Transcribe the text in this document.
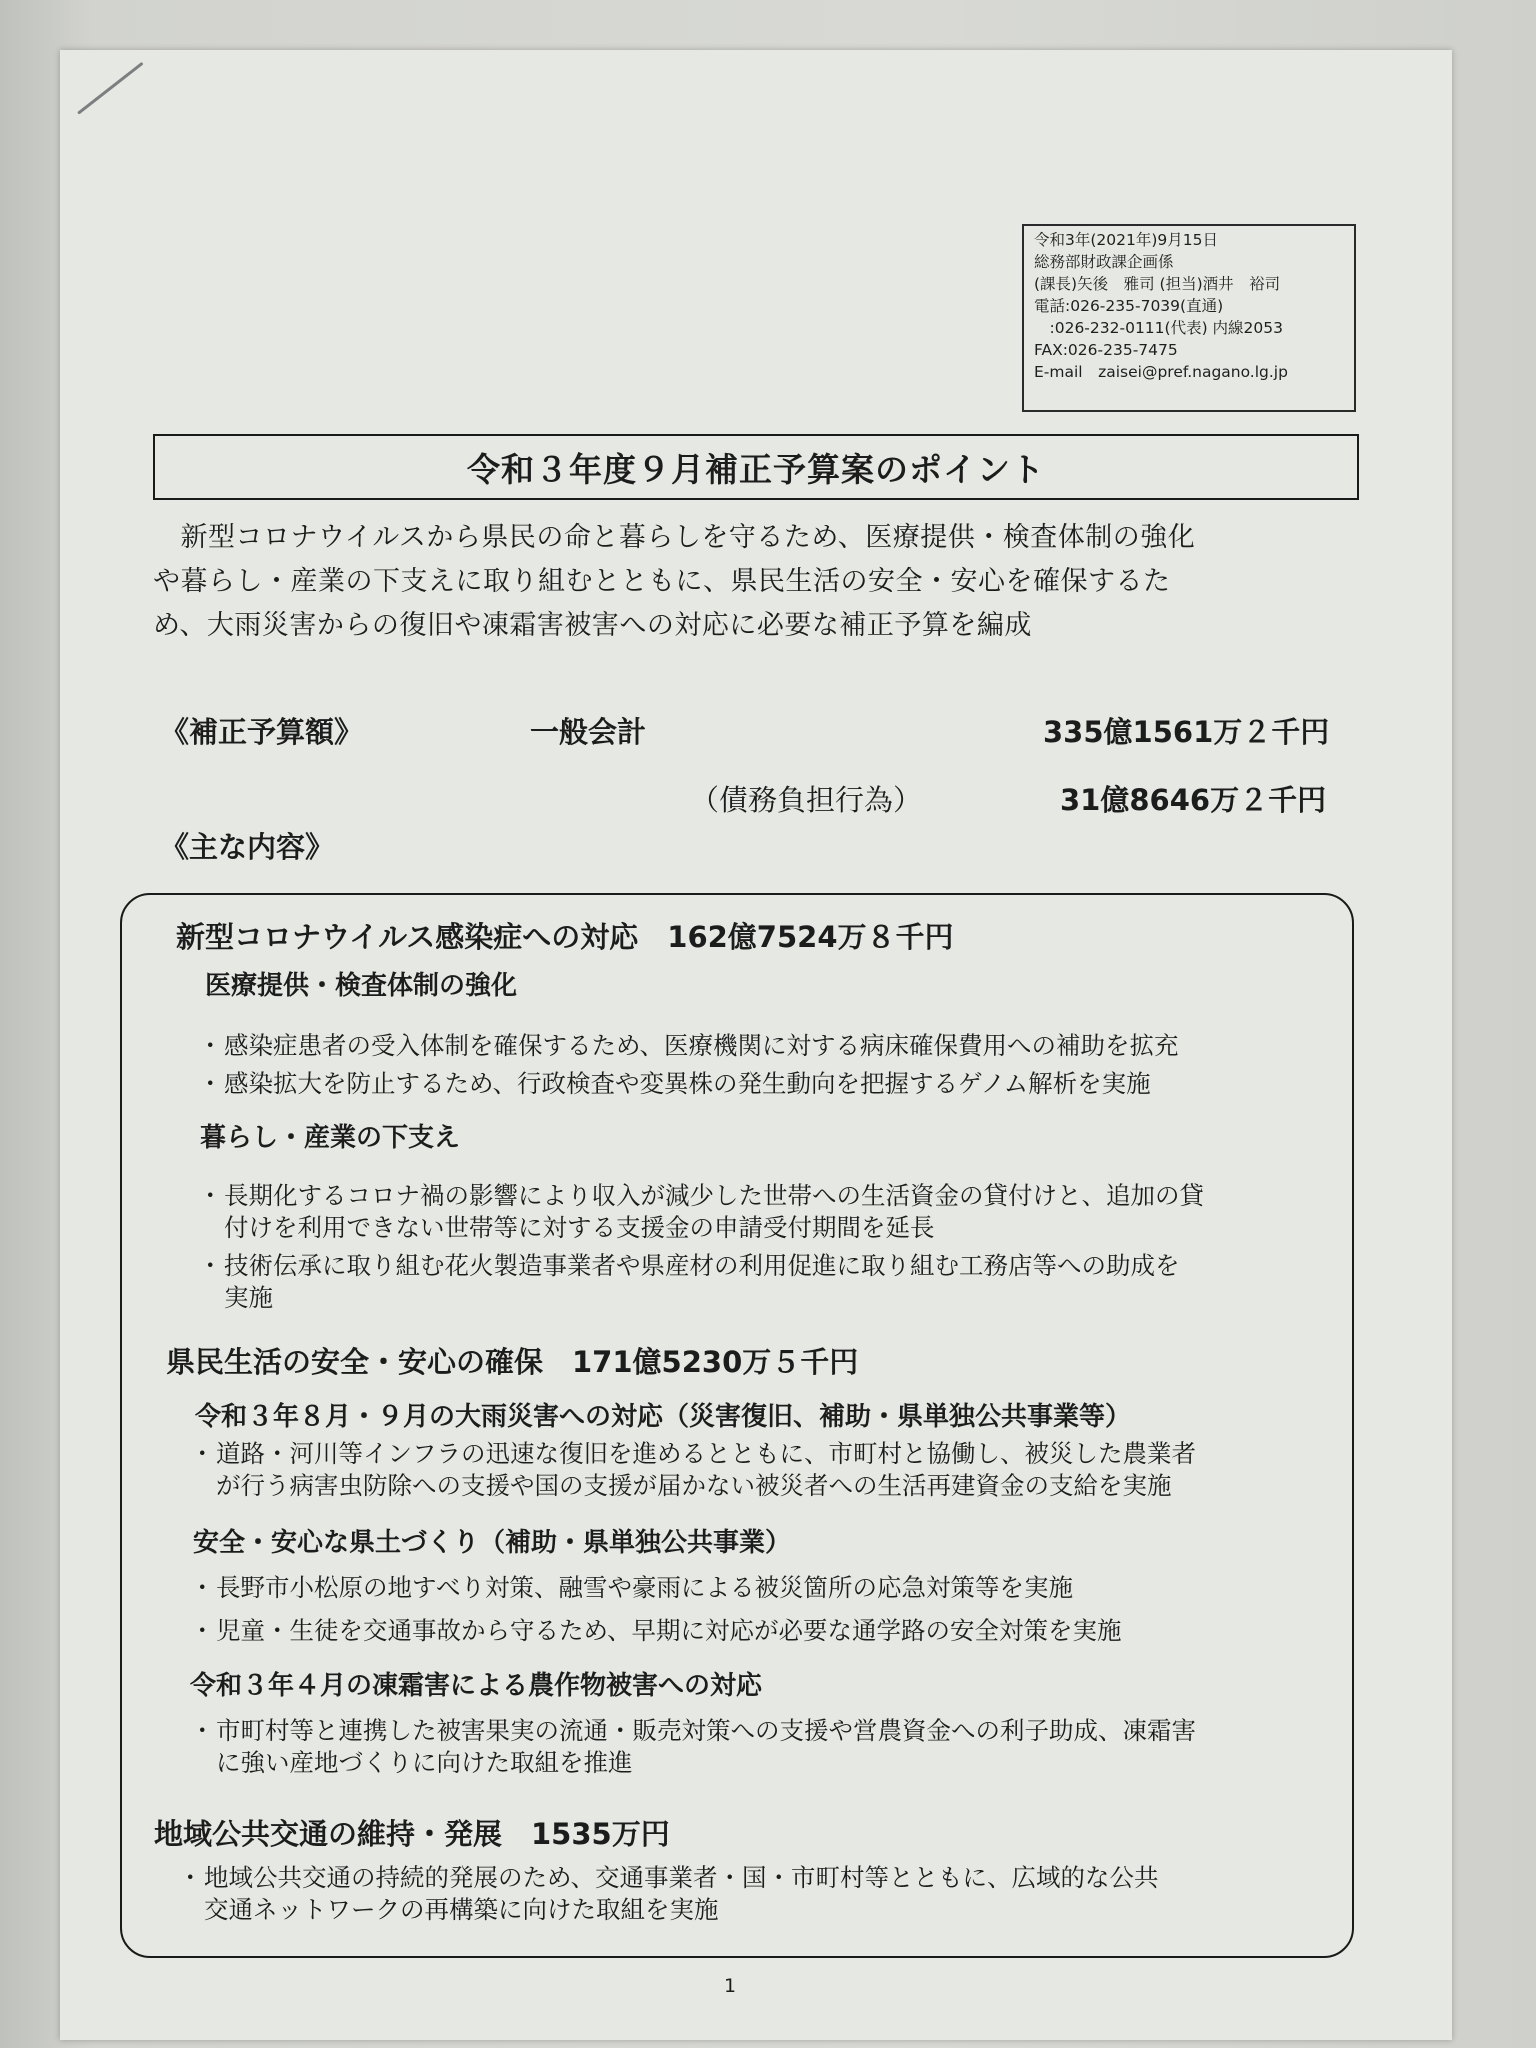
令和3年(2021年)9月15日
総務部財政課企画係
(課長)矢後　雅司 (担当)酒井　裕司
電話:026-235-7039(直通)
　:026-232-0111(代表) 内線2053
FAX:026-235-7475
E-mail　zaisei@pref.nagano.lg.jp
令和３年度９月補正予算案のポイント

　新型コロナウイルスから県民の命と暮らしを守るため、医療提供・検査体制の強化

や暮らし・産業の下支えに取り組むとともに、県民生活の安全・安心を確保するた

め、大雨災害からの復旧や凍霜害被害への対応に必要な補正予算を編成

《補正予算額》	一般会計	335億1561万２千円
（債務負担行為）	31億8646万２千円
《主な内容》
新型コロナウイルス感染症への対応　162億7524万８千円
医療提供・検査体制の強化
・感染症患者の受入体制を確保するため、医療機関に対する病床確保費用への補助を拡充
・感染拡大を防止するため、行政検査や変異株の発生動向を把握するゲノム解析を実施
暮らし・産業の下支え
・長期化するコロナ禍の影響により収入が減少した世帯への生活資金の貸付けと、追加の貸
付けを利用できない世帯等に対する支援金の申請受付期間を延長
・技術伝承に取り組む花火製造事業者や県産材の利用促進に取り組む工務店等への助成を
実施
県民生活の安全・安心の確保　171億5230万５千円
令和３年８月・９月の大雨災害への対応（災害復旧、補助・県単独公共事業等）
・道路・河川等インフラの迅速な復旧を進めるとともに、市町村と協働し、被災した農業者
が行う病害虫防除への支援や国の支援が届かない被災者への生活再建資金の支給を実施
安全・安心な県土づくり（補助・県単独公共事業）
・長野市小松原の地すべり対策、融雪や豪雨による被災箇所の応急対策等を実施
・児童・生徒を交通事故から守るため、早期に対応が必要な通学路の安全対策を実施
令和３年４月の凍霜害による農作物被害への対応
・市町村等と連携した被害果実の流通・販売対策への支援や営農資金への利子助成、凍霜害
に強い産地づくりに向けた取組を推進
地域公共交通の維持・発展　1535万円
・地域公共交通の持続的発展のため、交通事業者・国・市町村等とともに、広域的な公共
交通ネットワークの再構築に向けた取組を実施
1
